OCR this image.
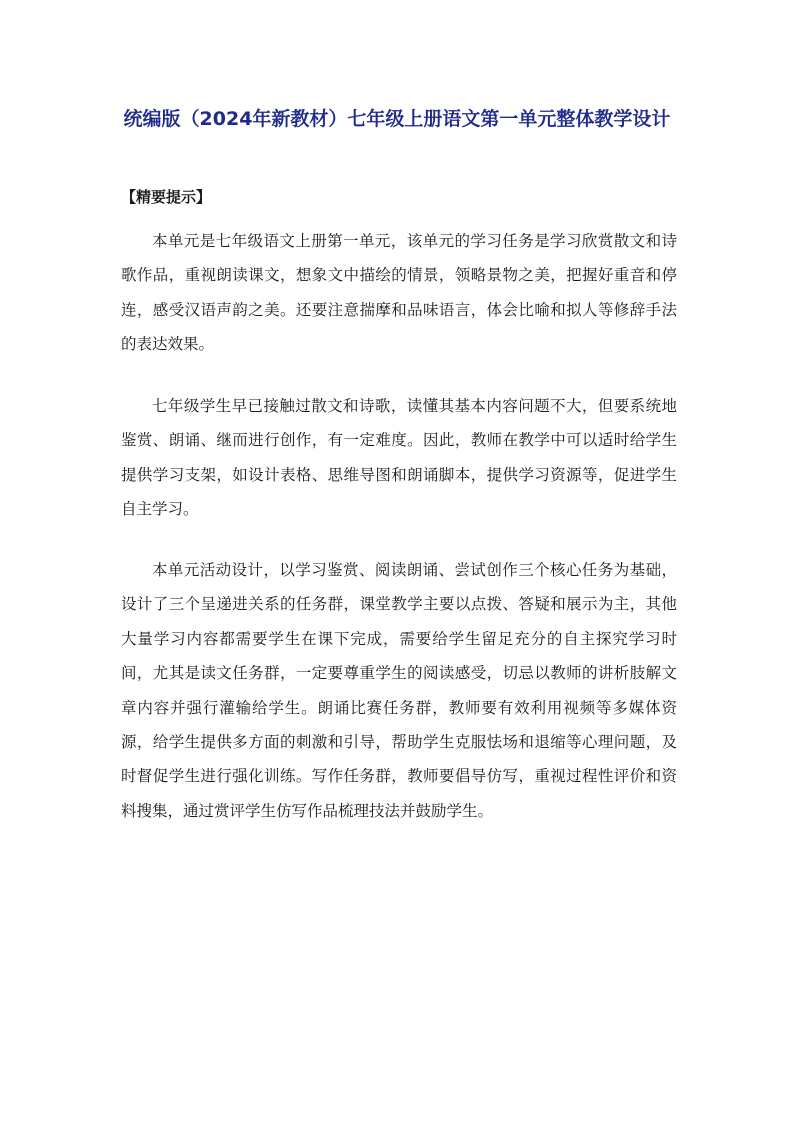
统编版（2024年新教材）七年级上册语文第一单元整体教学设计
【精要提示】

本单元是七年级语文上册第一单元，该单元的学习任务是学习欣赏散文和诗歌作品，重视朗读课文，想象文中描绘的情景，领略景物之美，把握好重音和停连，感受汉语声韵之美。还要注意揣摩和品味语言，体会比喻和拟人等修辞手法的表达效果。

七年级学生早已接触过散文和诗歌，读懂其基本内容问题不大，但要系统地鉴赏、朗诵、继而进行创作，有一定难度。因此，教师在教学中可以适时给学生提供学习支架，如设计表格、思维导图和朗诵脚本，提供学习资源等，促进学生自主学习。

本单元活动设计，以学习鉴赏、阅读朗诵、尝试创作三个核心任务为基础，设计了三个呈递进关系的任务群，课堂教学主要以点拨、答疑和展示为主，其他大量学习内容都需要学生在课下完成，需要给学生留足充分的自主探究学习时间，尤其是读文任务群，一定要尊重学生的阅读感受，切忌以教师的讲析肢解文章内容并强行灌输给学生。朗诵比赛任务群，教师要有效利用视频等多媒体资源，给学生提供多方面的刺激和引导，帮助学生克服怯场和退缩等心理问题，及时督促学生进行强化训练。写作任务群，教师要倡导仿写，重视过程性评价和资料搜集，通过赏评学生仿写作品梳理技法并鼓励学生。
